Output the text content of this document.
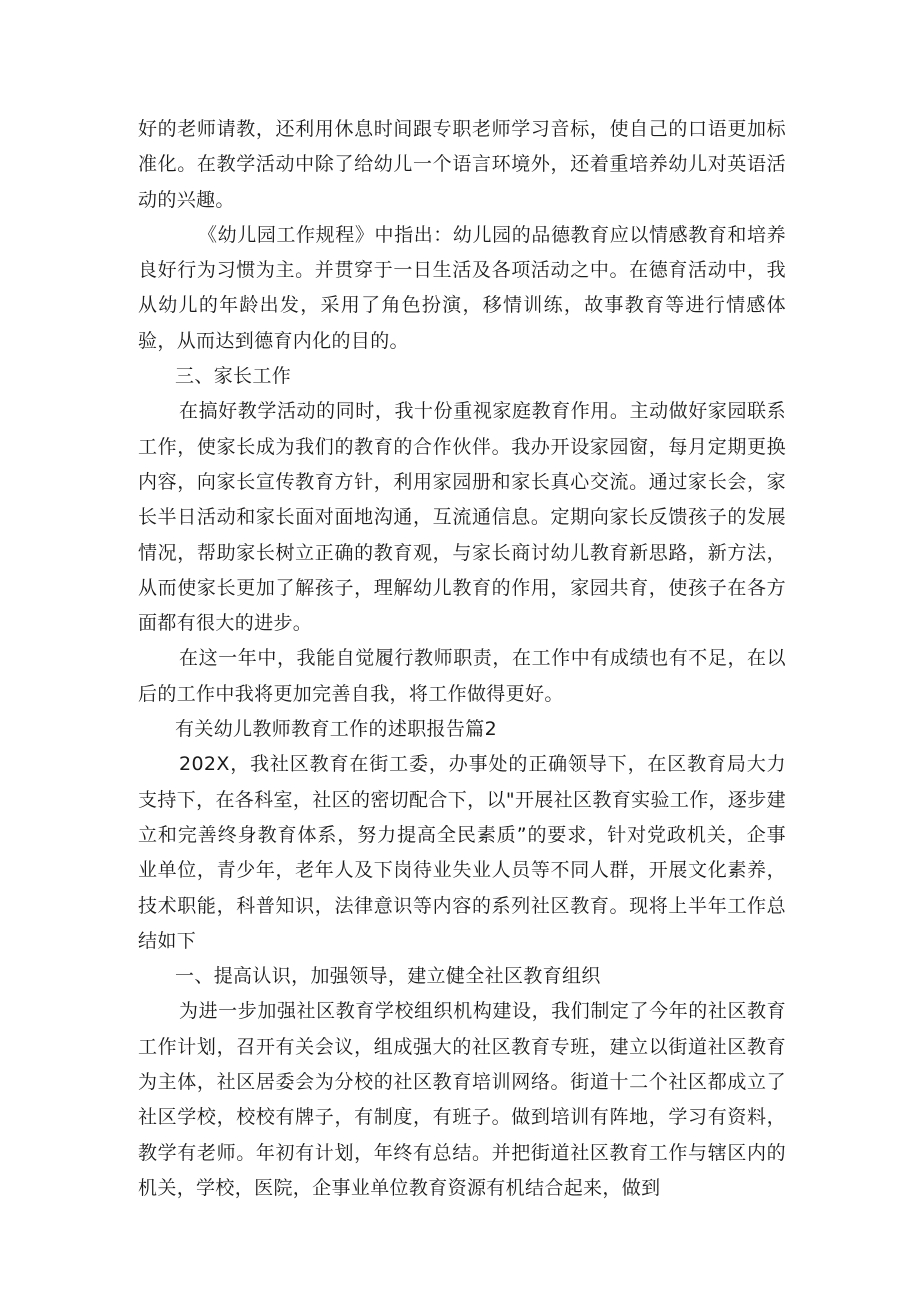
好的老师请教，还利用休息时间跟专职老师学习音标，使自己的口语更加标准化。在教学活动中除了给幼儿一个语言环境外，还着重培养幼儿对英语活动的兴趣。

《幼儿园工作规程》中指出：幼儿园的品德教育应以情感教育和培养良好行为习惯为主。并贯穿于一日生活及各项活动之中。在德育活动中，我从幼儿的年龄出发，采用了角色扮演，移情训练，故事教育等进行情感体验，从而达到德育内化的目的。

三、家长工作

在搞好教学活动的同时，我十份重视家庭教育作用。主动做好家园联系工作，使家长成为我们的教育的合作伙伴。我办开设家园窗，每月定期更换内容，向家长宣传教育方针，利用家园册和家长真心交流。通过家长会，家长半日活动和家长面对面地沟通，互流通信息。定期向家长反馈孩子的发展情况，帮助家长树立正确的教育观，与家长商讨幼儿教育新思路，新方法，从而使家长更加了解孩子，理解幼儿教育的作用，家园共育，使孩子在各方面都有很大的进步。

在这一年中，我能自觉履行教师职责，在工作中有成绩也有不足，在以后的工作中我将更加完善自我，将工作做得更好。

有关幼儿教师教育工作的述职报告篇2

202X，我社区教育在街工委，办事处的正确领导下，在区教育局大力支持下，在各科室，社区的密切配合下，以"开展社区教育实验工作，逐步建立和完善终身教育体系，努力提高全民素质”的要求，针对党政机关，企事业单位，青少年，老年人及下岗待业失业人员等不同人群，开展文化素养，技术职能，科普知识，法律意识等内容的系列社区教育。现将上半年工作总结如下

一、提高认识，加强领导，建立健全社区教育组织

为进一步加强社区教育学校组织机构建设，我们制定了今年的社区教育工作计划，召开有关会议，组成强大的社区教育专班，建立以街道社区教育为主体，社区居委会为分校的社区教育培训网络。街道十二个社区都成立了社区学校，校校有牌子，有制度，有班子。做到培训有阵地，学习有资料，教学有老师。年初有计划，年终有总结。并把街道社区教育工作与辖区内的机关，学校，医院，企事业单位教育资源有机结合起来，做到
